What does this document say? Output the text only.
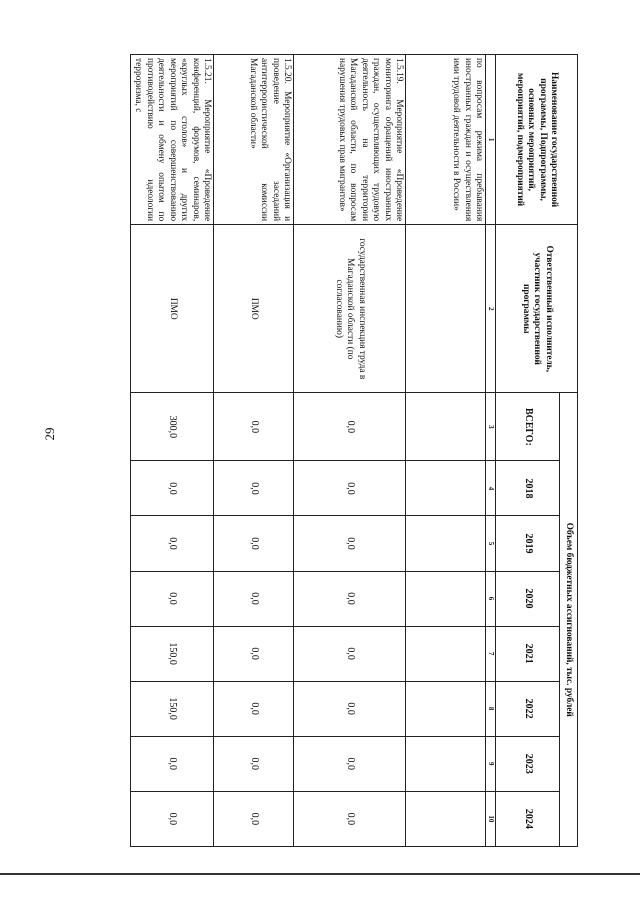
29
Наименование государственной программы, Подпрограммы, основных мероприятий, мероприятий, подмероприятий	Ответственный исполнитель, участник государственной программы	Объем бюджетных ассигнований, тыс. рублей							
		ВСЕГО:	2018	2019	2020	2021	2022	2023	2024
1	2	3	4	5	6	7	8	9	10
по вопросам режима пребывания иностранных граждан и осуществления ими трудовой деятельности в России»									
1.5.19. Мероприятие «Проведение мониторинга обращений иностранных граждан, осуществляющих трудовую деятельность на территории Магаданской области, по вопросам нарушения трудовых прав мигрантов»	государственная инспекция труда в Магаданской области (по согласованию)	0,0	0,0	0,0	0,0	0,0	0,0	0,0	0,0
1.5.20. Мероприятие «Организация и проведение заседаний антитеррористической комиссии Магаданской области»	ПМО	0,0	0,0	0,0	0,0	0,0	0,0	0,0	0,0
1.5.21. Мероприятие «Проведение конференций, форумов, семинаров, «круглых столов» и других мероприятий по совершенствованию деятельности и обмену опытом по противодействию идеологии терроризма, с	ПМО	300,0	0,0	0,0	0,0	150,0	150,0	0,0	0,0
